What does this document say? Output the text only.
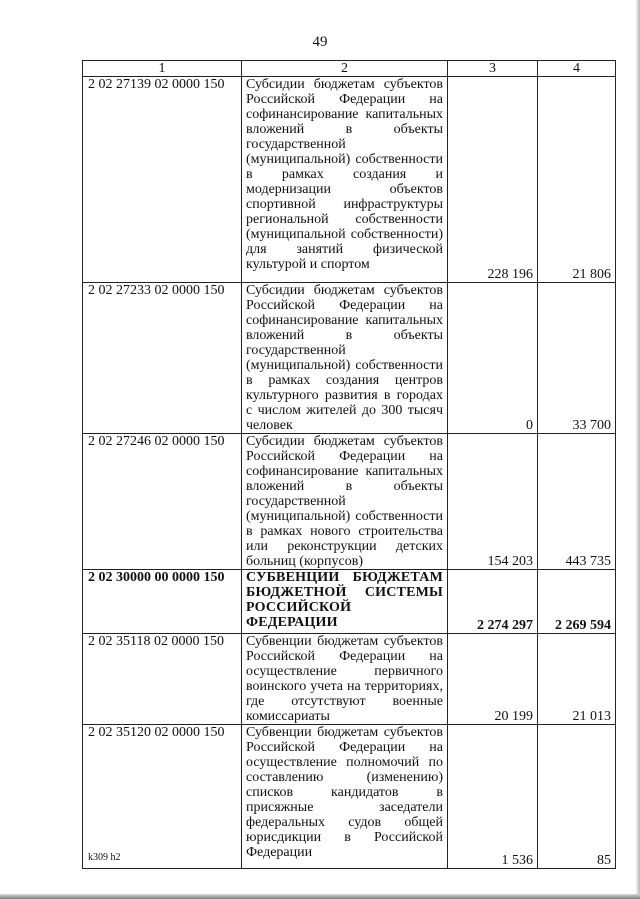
49
1	2	3	4
2 02 27139 02 0000 150	Субсидии бюджетам субъектов Российской Федерации на софинансирование капитальных вложений в объекты государственной (муниципальной) собственности в рамках создания и модернизации объектов спортивной инфраструктуры региональной собственности (муниципальной собственности) для занятий физической культурой и спортом	228 196	21 806
2 02 27233 02 0000 150	Субсидии бюджетам субъектов Российской Федерации на софинансирование капитальных вложений в объекты государственной (муниципальной) собственности в рамках создания центров культурного развития в городах с числом жителей до 300 тысяч человек	0	33 700
2 02 27246 02 0000 150	Субсидии бюджетам субъектов Российской Федерации на софинансирование капитальных вложений в объекты государственной (муниципальной) собственности в рамках нового строительства или реконструкции детских больниц (корпусов)	154 203	443 735
2 02 30000 00 0000 150	СУБВЕНЦИИ БЮДЖЕТАМ БЮДЖЕТНОЙ СИСТЕМЫ РОССИЙСКОЙ ФЕДЕРАЦИИ	2 274 297	2 269 594
2 02 35118 02 0000 150	Субвенции бюджетам субъектов Российской Федерации на осуществление первичного воинского учета на территориях, где отсутствуют военные комиссариаты	20 199	21 013
2 02 35120 02 0000 150	Субвенции бюджетам субъектов Российской Федерации на осуществление полномочий по составлению (изменению) списков кандидатов в присяжные заседатели федеральных судов общей юрисдикции в Российской Федерации	1 536	85
k309 h2
